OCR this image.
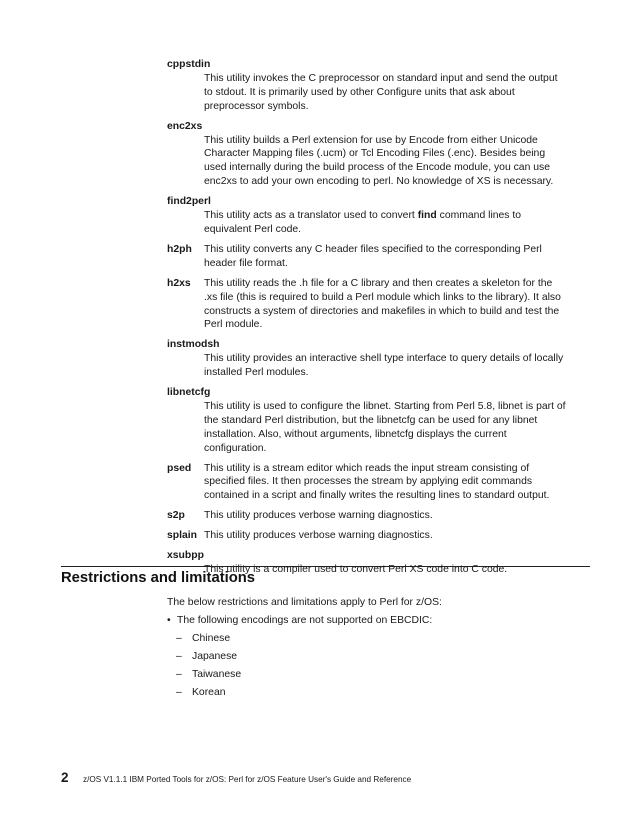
cppstdin
This utility invokes the C preprocessor on standard input and send the output to stdout. It is primarily used by other Configure units that ask about preprocessor symbols.
enc2xs
This utility builds a Perl extension for use by Encode from either Unicode Character Mapping files (.ucm) or Tcl Encoding Files (.enc). Besides being used internally during the build process of the Encode module, you can use enc2xs to add your own encoding to perl. No knowledge of XS is necessary.
find2perl
This utility acts as a translator used to convert find command lines to equivalent Perl code.
h2ph	This utility converts any C header files specified to the corresponding Perl header file format.
h2xs	This utility reads the .h file for a C library and then creates a skeleton for the .xs file (this is required to build a Perl module which links to the library). It also constructs a system of directories and makefiles in which to build and test the Perl module.
instmodsh
This utility provides an interactive shell type interface to query details of locally installed Perl modules.
libnetcfg
This utility is used to configure the libnet. Starting from Perl 5.8, libnet is part of the standard Perl distribution, but the libnetcfg can be used for any libnet installation. Also, without arguments, libnetcfg displays the current configuration.
psed	This utility is a stream editor which reads the input stream consisting of specified files. It then processes the stream by applying edit commands contained in a script and finally writes the resulting lines to standard output.
s2p	This utility produces verbose warning diagnostics.
splain This utility produces verbose warning diagnostics.
xsubpp
This utility is a compiler used to convert Perl XS code into C code.
Restrictions and limitations

The below restrictions and limitations apply to Perl for z/OS:

• The following encodings are not supported on EBCDIC:
– Chinese
– Japanese
– Taiwanese
– Korean
2	z/OS V1.1.1 IBM Ported Tools for z/OS: Perl for z/OS Feature User's Guide and Reference
